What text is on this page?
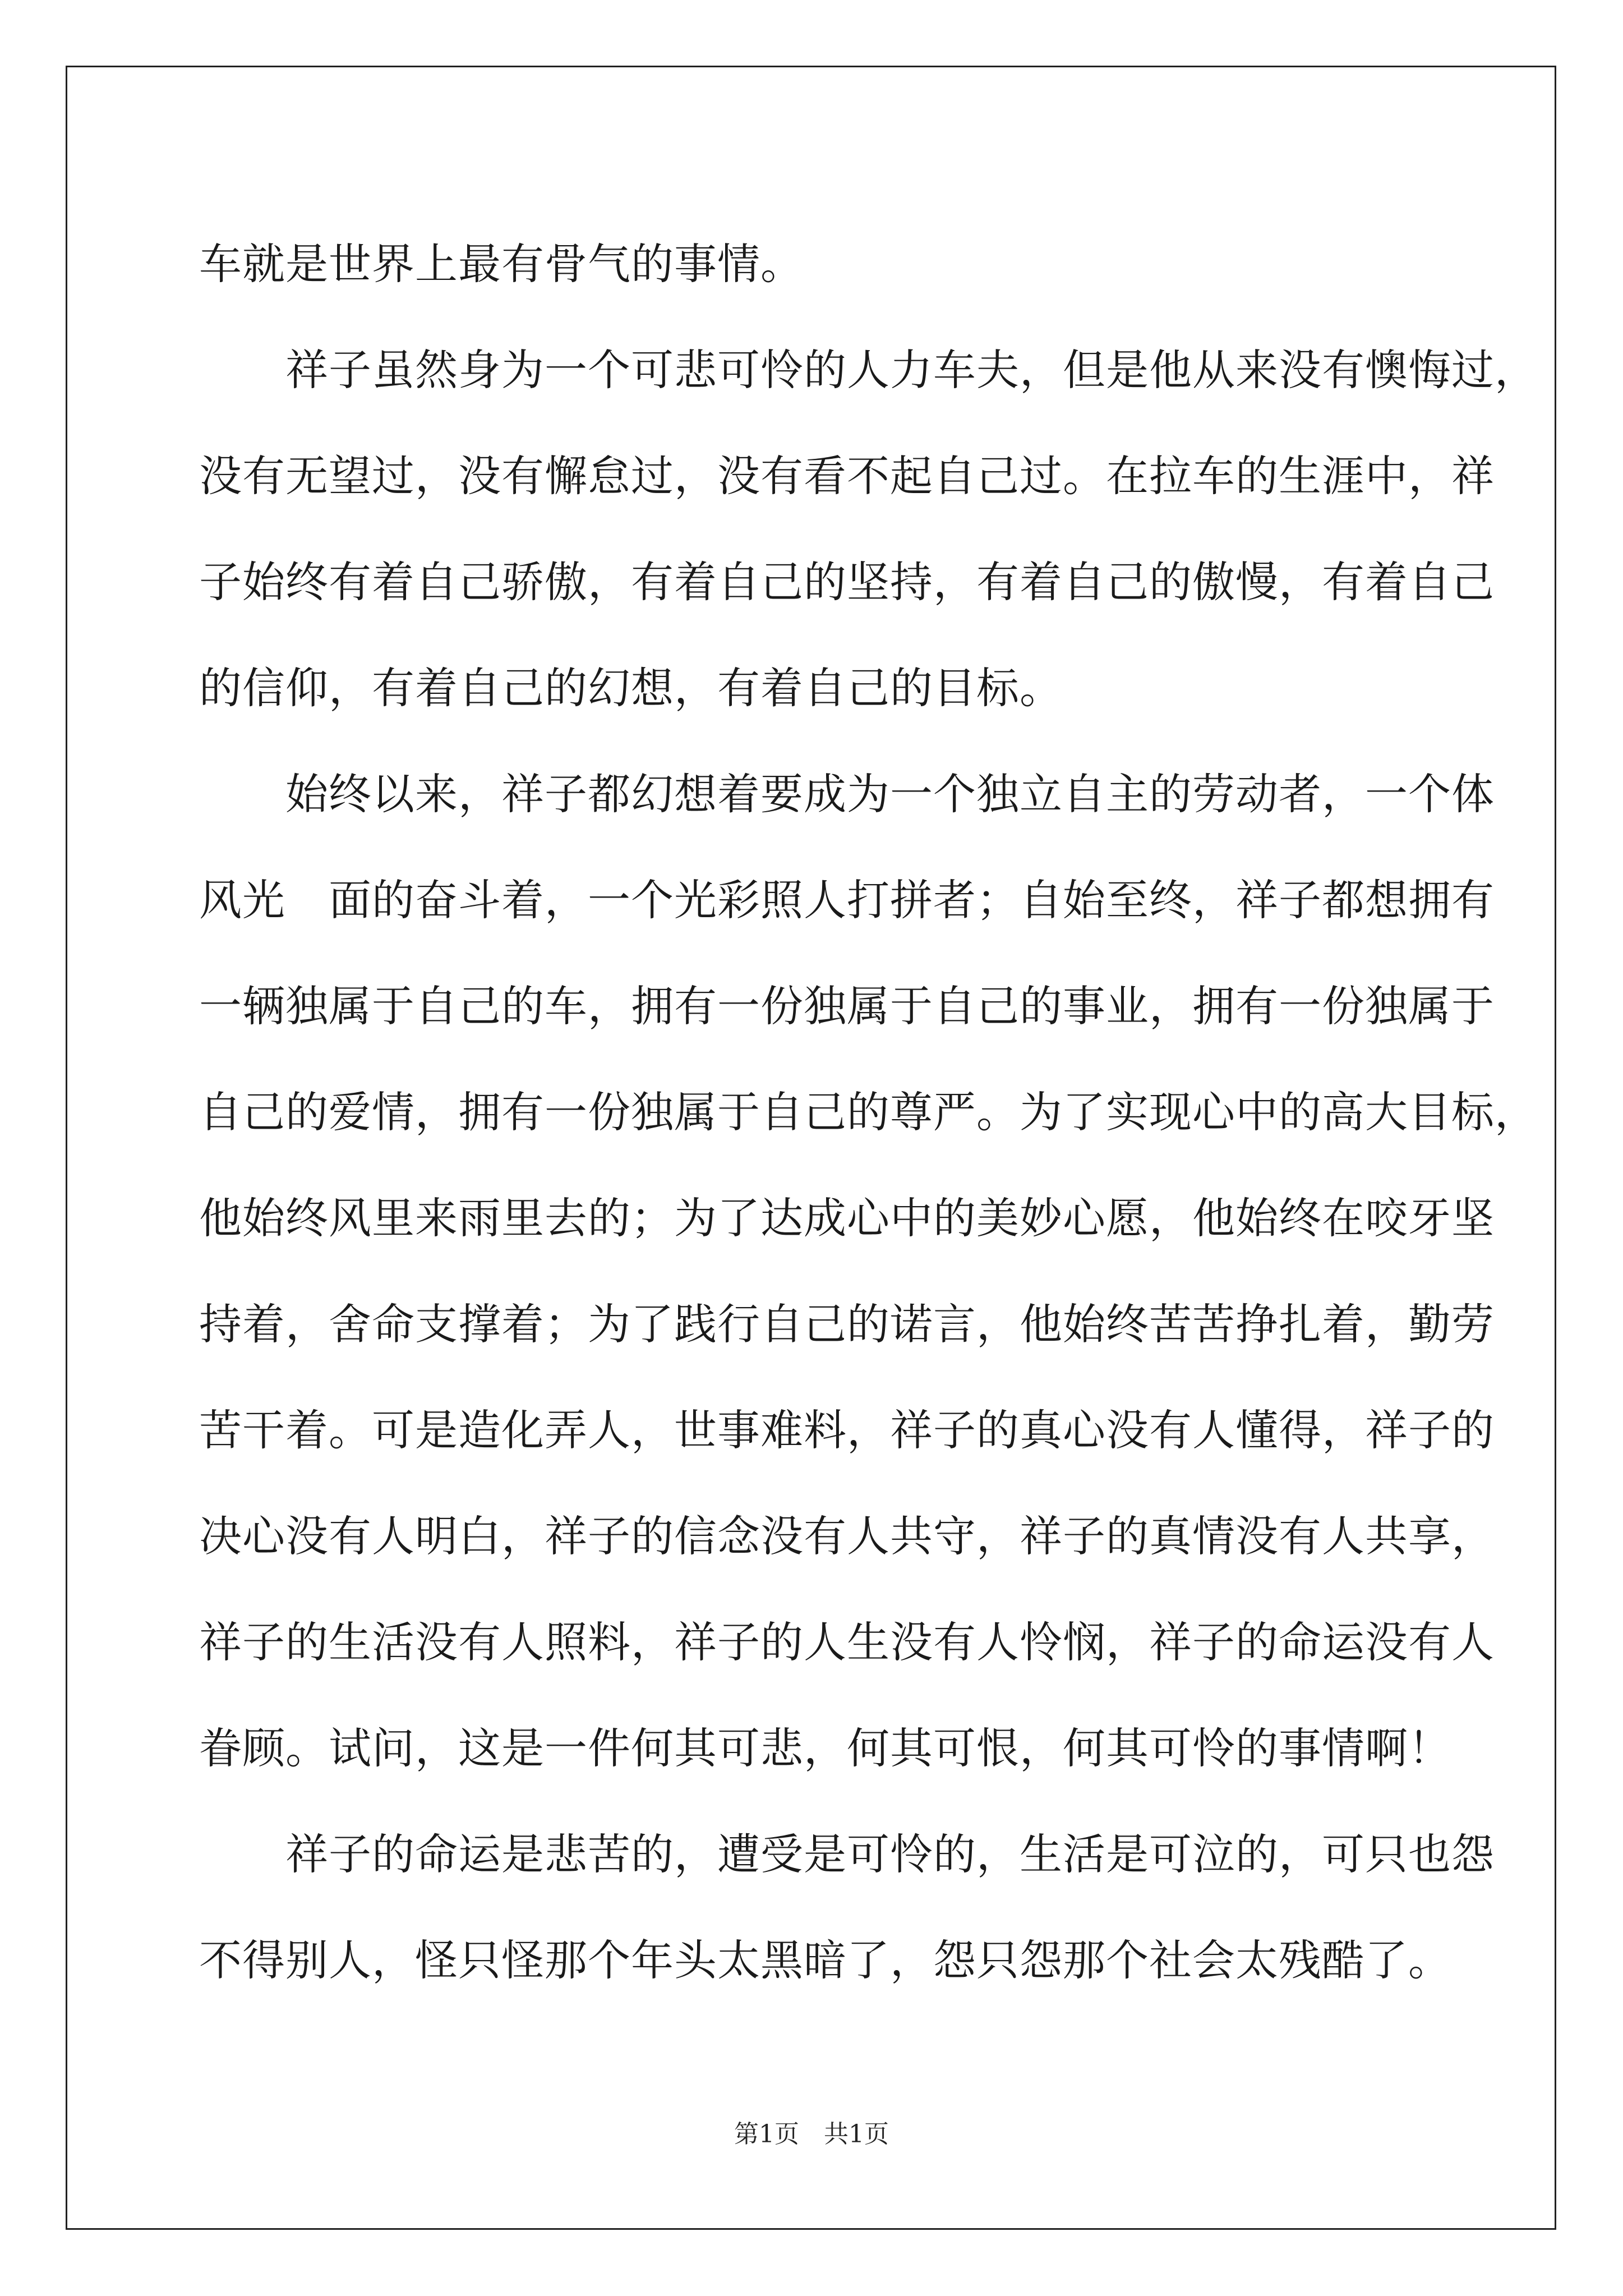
车就是世界上最有骨气的事情。
　　祥子虽然身为一个可悲可怜的人力车夫，但是他从来没有懊悔过，
没有无望过，没有懈怠过，没有看不起自己过。在拉车的生涯中，祥
子始终有着自己骄傲，有着自己的坚持，有着自己的傲慢，有着自己
的信仰，有着自己的幻想，有着自己的目标。
　　始终以来，祥子都幻想着要成为一个独立自主的劳动者，一个体
风光　面的奋斗着，一个光彩照人打拼者；自始至终，祥子都想拥有
一辆独属于自己的车，拥有一份独属于自己的事业，拥有一份独属于
自己的爱情，拥有一份独属于自己的尊严。为了实现心中的高大目标，
他始终风里来雨里去的；为了达成心中的美妙心愿，他始终在咬牙坚
持着，舍命支撑着；为了践行自己的诺言，他始终苦苦挣扎着，勤劳
苦干着。可是造化弄人，世事难料，祥子的真心没有人懂得，祥子的
决心没有人明白，祥子的信念没有人共守，祥子的真情没有人共享，
祥子的生活没有人照料，祥子的人生没有人怜悯，祥子的命运没有人
眷顾。试问，这是一件何其可悲，何其可恨，何其可怜的事情啊！
　　祥子的命运是悲苦的，遭受是可怜的，生活是可泣的，可只也怨
不得别人，怪只怪那个年头太黑暗了，怨只怨那个社会太残酷了。
第1页　共1页
